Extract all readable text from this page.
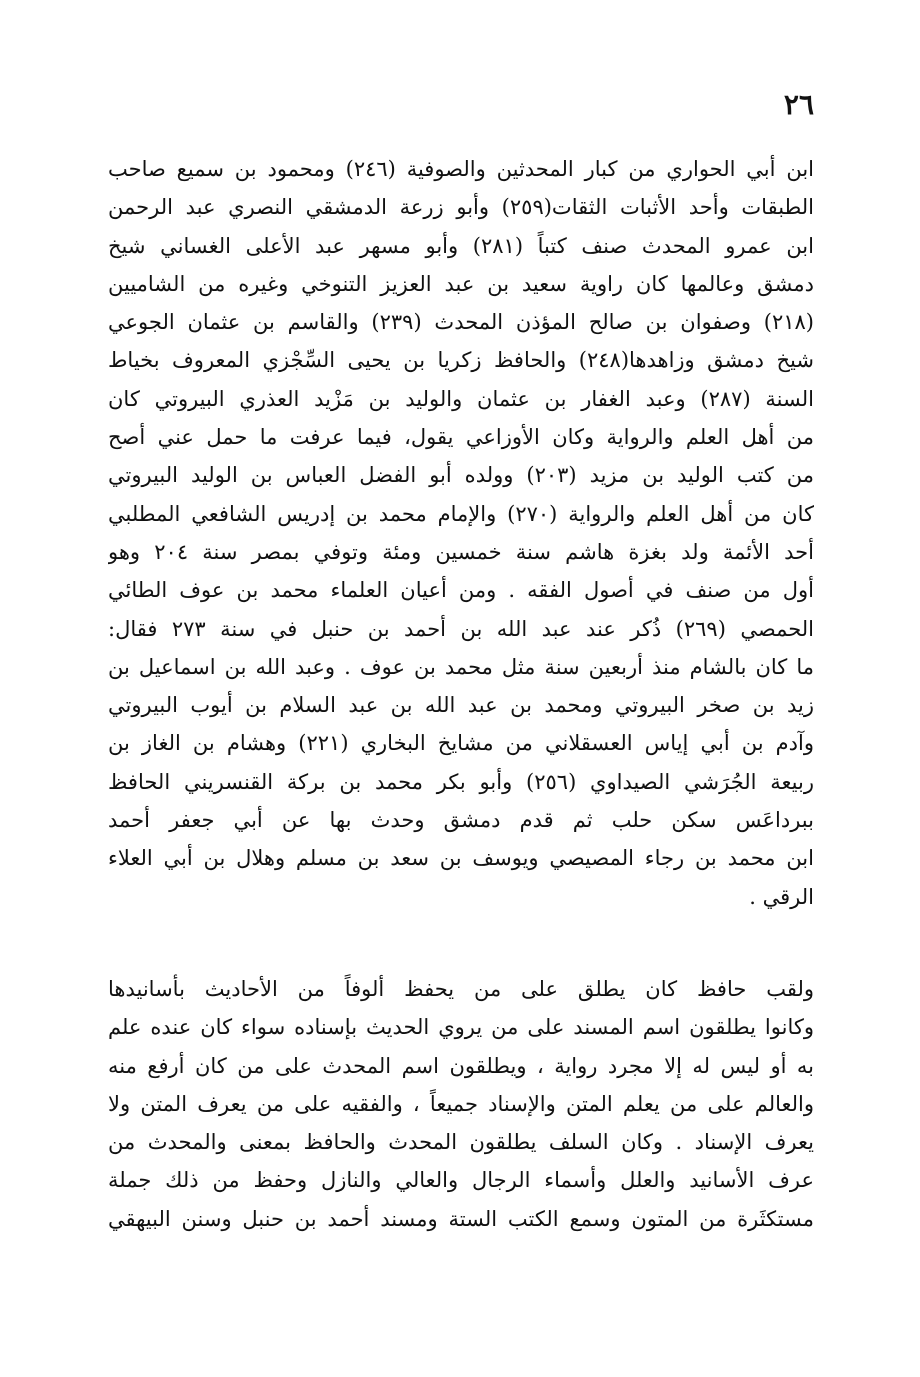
٢٦
ابن أبي الحواري من كبار المحدثين والصوفية (٢٤٦) ومحمود بن سميع صاحب
الطبقات وأحد الأثبات الثقات(٢٥٩) وأبو زرعة الدمشقي النصري عبد الرحمن
ابن عمرو المحدث صنف كتباً (٢٨١) وأبو مسهر عبد الأعلى الغساني شيخ
دمشق وعالمها كان راوية سعيد بن عبد العزيز التنوخي وغيره من الشاميين
(٢١٨) وصفوان بن صالح المؤذن المحدث (٢٣٩) والقاسم بن عثمان الجوعي
شيخ دمشق وزاهدها(٢٤٨) والحافظ زكريا بن يحيى السِّجْزي المعروف بخياط
السنة (٢٨٧) وعبد الغفار بن عثمان والوليد بن مَزْيد العذري البيروتي كان
من أهل العلم والرواية وكان الأوزاعي يقول، فيما عرفت ما حمل عني أصح
من كتب الوليد بن مزيد (٢٠٣) وولده أبو الفضل العباس بن الوليد البيروتي
كان من أهل العلم والرواية (٢٧٠) والإمام محمد بن إدريس الشافعي المطلبي
أحد الأئمة ولد بغزة هاشم سنة خمسين ومئة وتوفي بمصر سنة ٢٠٤ وهو
أول من صنف في أصول الفقه . ومن أعيان العلماء محمد بن عوف الطائي
الحمصي (٢٦٩) ذُكر عند عبد الله بن أحمد بن حنبل في سنة ٢٧٣ فقال:
ما كان بالشام منذ أربعين سنة مثل محمد بن عوف . وعبد الله بن اسماعيل بن
زيد بن صخر البيروتي ومحمد بن عبد الله بن عبد السلام بن أيوب البيروتي
وآدم بن أبي إياس العسقلاني من مشايخ البخاري (٢٢١) وهشام بن الغاز بن
ربيعة الجُرَشي الصيداوي (٢٥٦) وأبو بكر محمد بن بركة القنسريني الحافظ
ببرداعَس سكن حلب ثم قدم دمشق وحدث بها عن أبي جعفر أحمد
ابن محمد بن رجاء المصيصي ويوسف بن سعد بن مسلم وهلال بن أبي العلاء
الرقي .
ولقب حافظ كان يطلق على من يحفظ ألوفاً من الأحاديث بأسانيدها
وكانوا يطلقون اسم المسند على من يروي الحديث بإسناده سواء كان عنده علم
به أو ليس له إلا مجرد رواية ، ويطلقون اسم المحدث على من كان أرفع منه
والعالم على من يعلم المتن والإسناد جميعاً ، والفقيه على من يعرف المتن ولا
يعرف الإسناد . وكان السلف يطلقون المحدث والحافظ بمعنى والمحدث من
عرف الأسانيد والعلل وأسماء الرجال والعالي والنازل وحفظ من ذلك جملة
مستكثَرة من المتون وسمع الكتب الستة ومسند أحمد بن حنبل وسنن البيهقي
